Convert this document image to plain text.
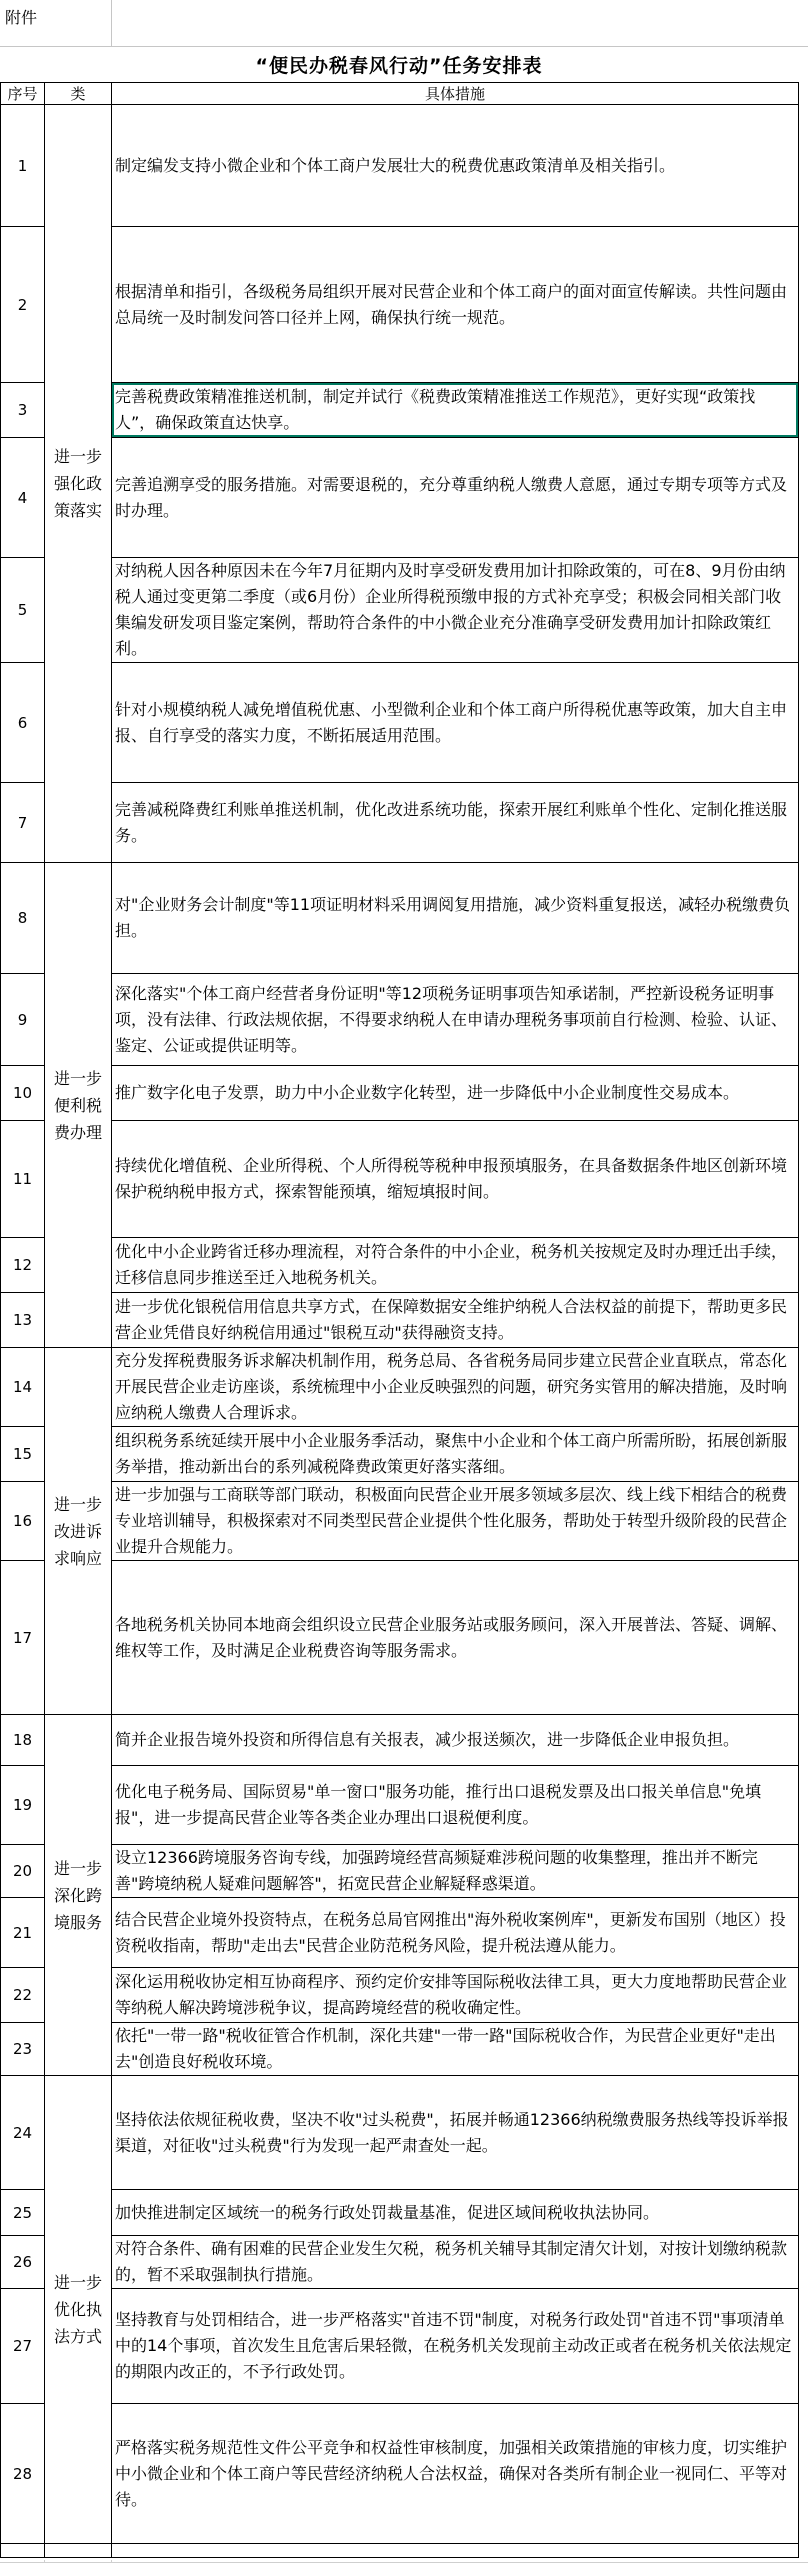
附件
“便民办税春风行动”任务安排表
序号	类	具体措施
1	进一步强化政策落实	制定编发支持小微企业和个体工商户发展壮大的税费优惠政策清单及相关指引。
2		根据清单和指引，各级税务局组织开展对民营企业和个体工商户的面对面宣传解读。共性问题由总局统一及时制发问答口径并上网，确保执行统一规范。
3		完善税费政策精准推送机制，制定并试行《税费政策精准推送工作规范》，更好实现“政策找人”，确保政策直达快享。
4		完善追溯享受的服务措施。对需要退税的，充分尊重纳税人缴费人意愿，通过专期专项等方式及时办理。
5		对纳税人因各种原因未在今年7月征期内及时享受研发费用加计扣除政策的，可在8、9月份由纳税人通过变更第二季度（或6月份）企业所得税预缴申报的方式补充享受；积极会同相关部门收集编发研发项目鉴定案例，帮助符合条件的中小微企业充分准确享受研发费用加计扣除政策红利。
6		针对小规模纳税人减免增值税优惠、小型微利企业和个体工商户所得税优惠等政策，加大自主申报、自行享受的落实力度，不断拓展适用范围。
7		完善减税降费红利账单推送机制，优化改进系统功能，探索开展红利账单个性化、定制化推送服务。
8	进一步便利税费办理	对"企业财务会计制度"等11项证明材料采用调阅复用措施，减少资料重复报送，减轻办税缴费负担。
9		深化落实"个体工商户经营者身份证明"等12项税务证明事项告知承诺制，严控新设税务证明事项，没有法律、行政法规依据，不得要求纳税人在申请办理税务事项前自行检测、检验、认证、鉴定、公证或提供证明等。
10		推广数字化电子发票，助力中小企业数字化转型，进一步降低中小企业制度性交易成本。
11		持续优化增值税、企业所得税、个人所得税等税种申报预填服务，在具备数据条件地区创新环境保护税纳税申报方式，探索智能预填，缩短填报时间。
12		优化中小企业跨省迁移办理流程，对符合条件的中小企业，税务机关按规定及时办理迁出手续，迁移信息同步推送至迁入地税务机关。
13		进一步优化银税信用信息共享方式，在保障数据安全维护纳税人合法权益的前提下，帮助更多民营企业凭借良好纳税信用通过"银税互动"获得融资支持。
14	进一步改进诉求响应	充分发挥税费服务诉求解决机制作用，税务总局、各省税务局同步建立民营企业直联点，常态化开展民营企业走访座谈，系统梳理中小企业反映强烈的问题，研究务实管用的解决措施，及时响应纳税人缴费人合理诉求。
15		组织税务系统延续开展中小企业服务季活动，聚焦中小企业和个体工商户所需所盼，拓展创新服务举措，推动新出台的系列减税降费政策更好落实落细。
16		进一步加强与工商联等部门联动，积极面向民营企业开展多领域多层次、线上线下相结合的税费专业培训辅导，积极探索对不同类型民营企业提供个性化服务，帮助处于转型升级阶段的民营企业提升合规能力。
17		各地税务机关协同本地商会组织设立民营企业服务站或服务顾问，深入开展普法、答疑、调解、维权等工作，及时满足企业税费咨询等服务需求。
18	进一步深化跨境服务	简并企业报告境外投资和所得信息有关报表，减少报送频次，进一步降低企业申报负担。
19		优化电子税务局、国际贸易"单一窗口"服务功能，推行出口退税发票及出口报关单信息"免填报"，进一步提高民营企业等各类企业办理出口退税便利度。
20		设立12366跨境服务咨询专线，加强跨境经营高频疑难涉税问题的收集整理，推出并不断完善"跨境纳税人疑难问题解答"，拓宽民营企业解疑释惑渠道。
21		结合民营企业境外投资特点，在税务总局官网推出"海外税收案例库"，更新发布国别（地区）投资税收指南，帮助"走出去"民营企业防范税务风险，提升税法遵从能力。
22		深化运用税收协定相互协商程序、预约定价安排等国际税收法律工具，更大力度地帮助民营企业等纳税人解决跨境涉税争议，提高跨境经营的税收确定性。
23		依托"一带一路"税收征管合作机制，深化共建"一带一路"国际税收合作，为民营企业更好"走出去"创造良好税收环境。
24	进一步优化执法方式	坚持依法依规征税收费，坚决不收"过头税费"，拓展并畅通12366纳税缴费服务热线等投诉举报渠道，对征收"过头税费"行为发现一起严肃查处一起。
25		加快推进制定区域统一的税务行政处罚裁量基准，促进区域间税收执法协同。
26		对符合条件、确有困难的民营企业发生欠税，税务机关辅导其制定清欠计划，对按计划缴纳税款的，暂不采取强制执行措施。
27		坚持教育与处罚相结合，进一步严格落实"首违不罚"制度，对税务行政处罚"首违不罚"事项清单中的14个事项，首次发生且危害后果轻微，在税务机关发现前主动改正或者在税务机关依法规定的期限内改正的，不予行政处罚。
28		严格落实税务规范性文件公平竞争和权益性审核制度，加强相关政策措施的审核力度，切实维护中小微企业和个体工商户等民营经济纳税人合法权益，确保对各类所有制企业一视同仁、平等对待。
